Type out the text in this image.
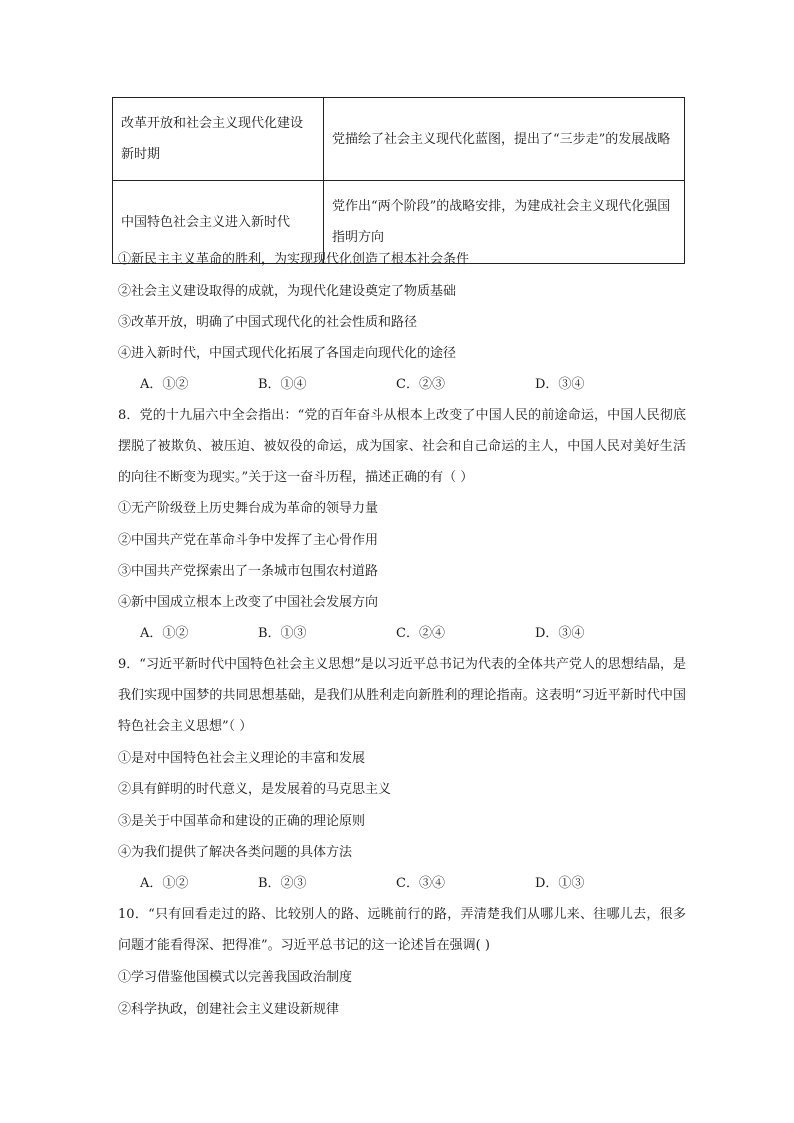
改革开放和社会主义现代化建设新时期	党描绘了社会主义现代化蓝图，提出了“三步走”的发展战略
中国特色社会主义进入新时代	党作出“两个阶段”的战略安排，为建成社会主义现代化强国指明方向
①新民主主义革命的胜利，为实现现代化创造了根本社会条件
②社会主义建设取得的成就，为现代化建设奠定了物质基础
③改革开放，明确了中国式现代化的社会性质和路径
④进入新时代，中国式现代化拓展了各国走向现代化的途径
A．①②	B．①④	C．②③	D．③④
8．党的十九届六中全会指出：“党的百年奋斗从根本上改变了中国人民的前途命运，中国人民彻底摆脱了被欺负、被压迫、被奴役的命运，成为国家、社会和自己命运的主人，中国人民对美好生活的向往不断变为现实。”关于这一奋斗历程，描述正确的有（ ）
①无产阶级登上历史舞台成为革命的领导力量
②中国共产党在革命斗争中发挥了主心骨作用
③中国共产党探索出了一条城市包围农村道路
④新中国成立根本上改变了中国社会发展方向
A．①②	B．①③	C．②④	D．③④
9．“习近平新时代中国特色社会主义思想”是以习近平总书记为代表的全体共产党人的思想结晶，是我们实现中国梦的共同思想基础，是我们从胜利走向新胜利的理论指南。这表明“习近平新时代中国特色社会主义思想”（ ）
①是对中国特色社会主义理论的丰富和发展
②具有鲜明的时代意义，是发展着的马克思主义
③是关于中国革命和建设的正确的理论原则
④为我们提供了解决各类问题的具体方法
A．①②	B．②③	C．③④	D．①③
10．“只有回看走过的路、比较别人的路、远眺前行的路，弄清楚我们从哪儿来、往哪儿去，很多问题才能看得深、把得准”。习近平总书记的这一论述旨在强调( )
①学习借鉴他国模式以完善我国政治制度
②科学执政，创建社会主义建设新规律
